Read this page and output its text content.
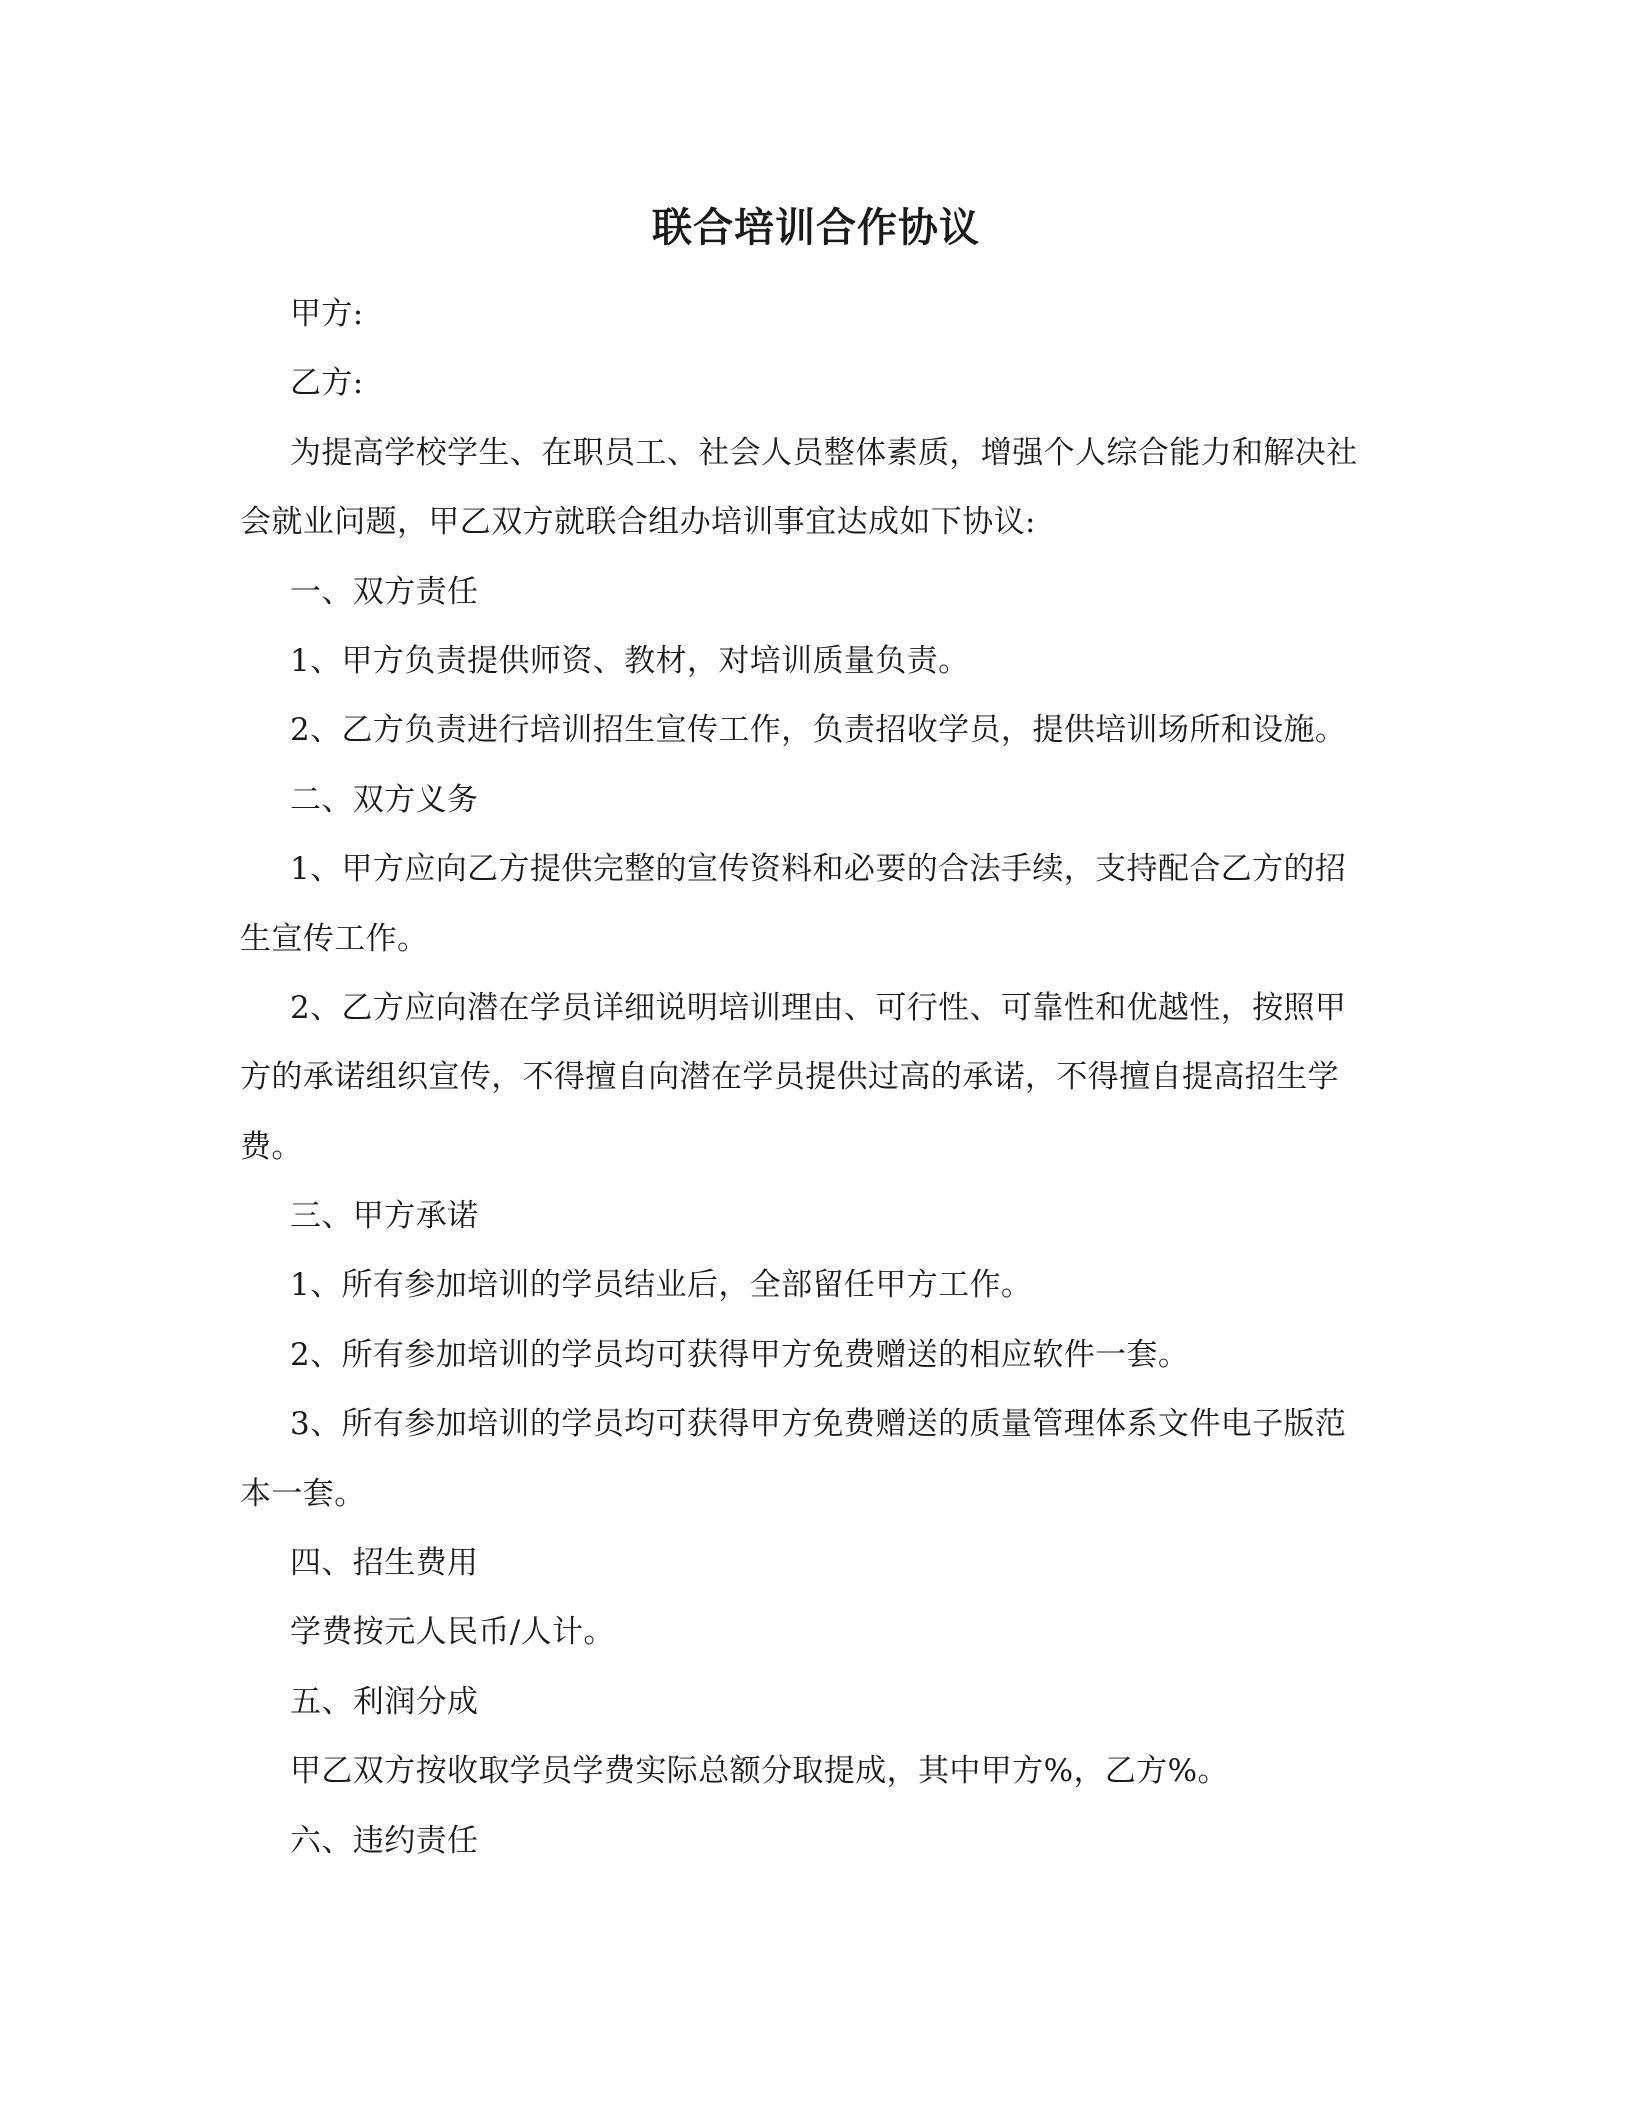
联合培训合作协议
甲方:
乙方:
为提高学校学生、在职员工、社会人员整体素质，增强个人综合能力和解决社
会就业问题，甲乙双方就联合组办培训事宜达成如下协议:
一、双方责任
1、甲方负责提供师资、教材，对培训质量负责。
2、乙方负责进行培训招生宣传工作，负责招收学员，提供培训场所和设施。
二、双方义务
1、甲方应向乙方提供完整的宣传资料和必要的合法手续，支持配合乙方的招
生宣传工作。
2、乙方应向潜在学员详细说明培训理由、可行性、可靠性和优越性，按照甲
方的承诺组织宣传，不得擅自向潜在学员提供过高的承诺，不得擅自提高招生学
费。
三、甲方承诺
1、所有参加培训的学员结业后，全部留任甲方工作。
2、所有参加培训的学员均可获得甲方免费赠送的相应软件一套。
3、所有参加培训的学员均可获得甲方免费赠送的质量管理体系文件电子版范
本一套。
四、招生费用
学费按元人民币/人计。
五、利润分成
甲乙双方按收取学员学费实际总额分取提成，其中甲方%，乙方%。
六、违约责任
